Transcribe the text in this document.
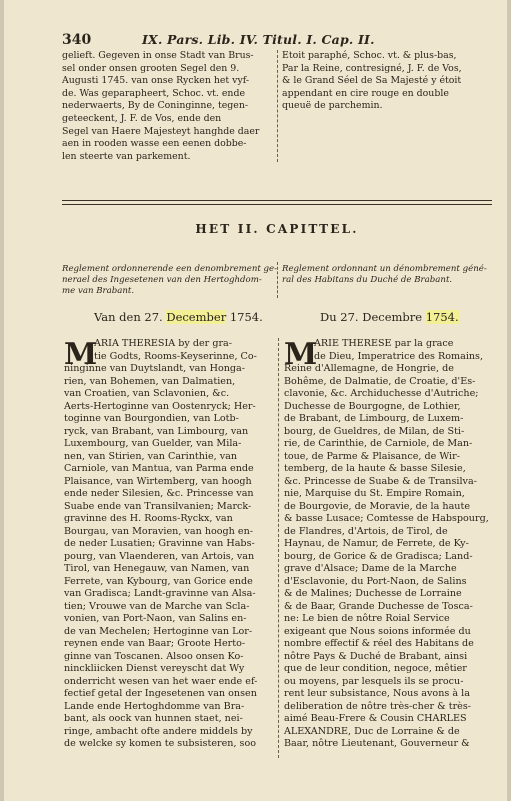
340	IX. Pars. Lib. IV. Titul. I. Cap. II.
gelieft. Gegeven in onse Stadt van Brus-
sel onder onsen grooten Segel den 9.
Augusti 1745. van onse Rycken het vyf-
de. Was geparapheert, Schoc. vt. ende
nederwaerts, By de Coninginne, tegen-
geteeckent, J. F. de Vos, ende den
Segel van Haere Majesteyt hanghde daer
aen in rooden wasse een eenen dobbe-
len steerte van parkement.
Etoit paraphé, Schoc. vt. & plus-bas,
Par la Reine, contresigné, J. F. de Vos,
& le Grand Séel de Sa Majesté y étoit
appendant en cire rouge en double
queuë de parchemin.
HET II. CAPITTEL.
Reglement ordonnerende een denombrement ge-
nerael des Ingesetenen van den Hertoghdom-
me van Brabant.
Reglement ordonnant un dénombrement géné-
ral des Habitans du Duché de Brabant.
Van den 27. December 1754.	Du 27. Decembre 1754.
M	M
ARIA THERESIA by der gra-
tie Godts, Rooms-Keyserinne, Co-
ninginne van Duytslandt, van Honga-
rien, van Bohemen, van Dalmatien,
van Croatien, van Sclavonien, &c.
Aerts-Hertoginne van Oostenryck; Her-
toginne van Bourgondien, van Lotb-
ryck, van Brabant, van Limbourg, van
Luxembourg, van Guelder, van Mila-
nen, van Stirien, van Carinthie, van
Carniole, van Mantua, van Parma ende
Plaisance, van Wirtemberg, van hoogh
ende neder Silesien, &c. Princesse van
Suabe ende van Transilvanien; Marck-
gravinne des H. Rooms-Ryckx, van
Bourgau, van Moravien, van hoogh en-
de neder Lusatien; Gravinne van Habs-
pourg, van Vlaenderen, van Artois, van
Tirol, van Henegauw, van Namen, van
Ferrete, van Kybourg, van Gorice ende
van Gradisca; Landt-gravinne van Alsa-
tien; Vrouwe van de Marche van Scla-
vonien, van Port-Naon, van Salins en-
de van Mechelen; Hertoginne van Lor-
reynen ende van Baar; Groote Herto-
ginne van Toscanen. Alsoo onsen Ko-
ninckliicken Dienst vereyscht dat Wy
onderricht wesen van het waer ende ef-
fectief getal der Ingesetenen van onsen
Lande ende Hertoghdomme van Bra-
bant, als oock van hunnen staet, nei-
ringe, ambacht ofte andere middels by
de welcke sy komen te subsisteren, soo
ARIE THERESE par la grace
de Dieu, Imperatrice des Romains,
Reine d'Allemagne, de Hongrie, de
Bohême, de Dalmatie, de Croatie, d'Es-
clavonie, &c. Archiduchesse d'Autriche;
Duchesse de Bourgogne, de Lothier,
de Brabant, de Limbourg, de Luxem-
bourg, de Gueldres, de Milan, de Sti-
rie, de Carinthie, de Carniole, de Man-
toue, de Parme & Plaisance, de Wir-
temberg, de la haute & basse Silesie,
&c. Princesse de Suabe & de Transilva-
nie, Marquise du St. Empire Romain,
de Bourgovie, de Moravie, de la haute
& basse Lusace; Comtesse de Habspourg,
de Flandres, d'Artois, de Tirol, de
Haynau, de Namur, de Ferrete, de Ky-
bourg, de Gorice & de Gradisca; Land-
grave d'Alsace; Dame de la Marche
d'Esclavonie, du Port-Naon, de Salins
& de Malines; Duchesse de Lorraine
& de Baar, Grande Duchesse de Tosca-
ne: Le bien de nôtre Roial Service
exigeant que Nous soions informée du
nombre effectif & réel des Habitans de
nôtre Pays & Duché de Brabant, ainsi
que de leur condition, negoce, mêtier
ou moyens, par lesquels ils se procu-
rent leur subsistance, Nous avons à la
deliberation de nôtre très-cher & très-
aimé Beau-Frere & Cousin CHARLES
ALEXANDRE, Duc de Lorraine & de
Baar, nôtre Lieutenant, Gouverneur &
